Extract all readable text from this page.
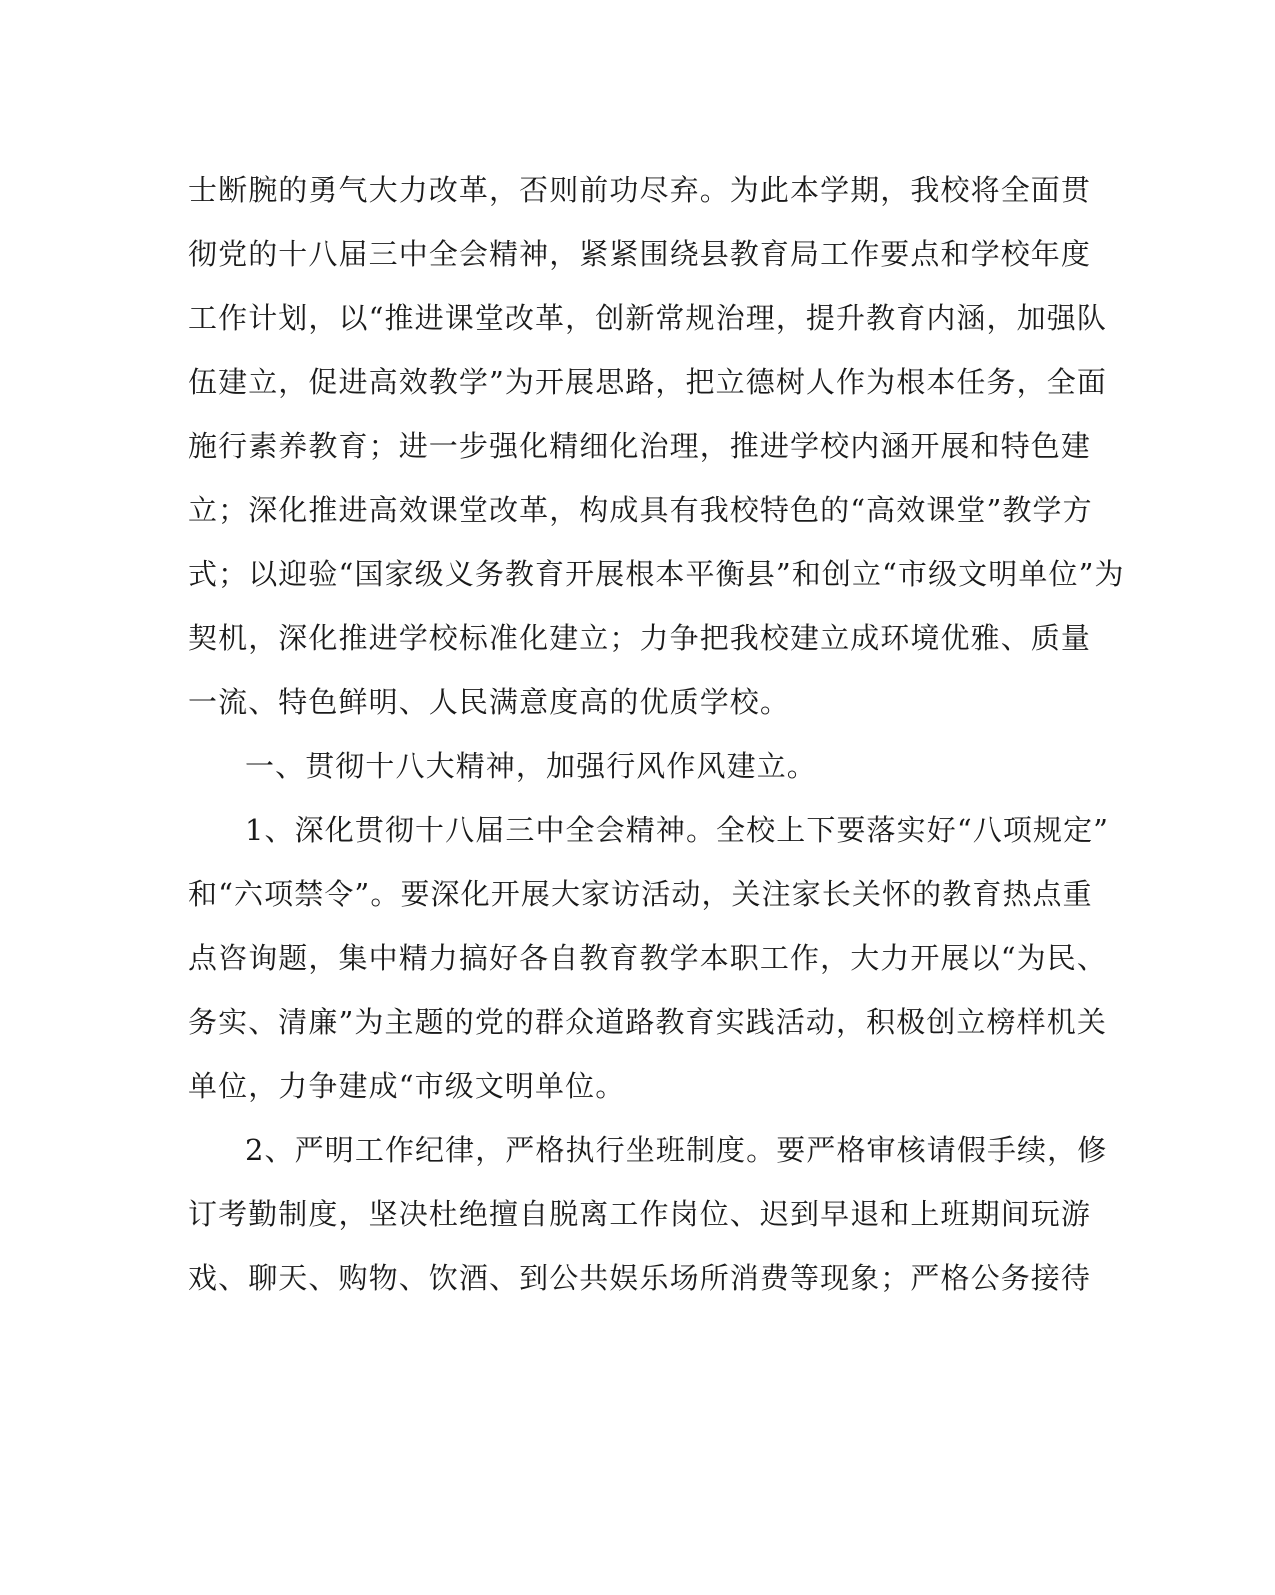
士断腕的勇气大力改革，否则前功尽弃。为此本学期，我校将全面贯
彻党的十八届三中全会精神，紧紧围绕县教育局工作要点和学校年度
工作计划，以“推进课堂改革，创新常规治理，提升教育内涵，加强队
伍建立，促进高效教学”为开展思路，把立德树人作为根本任务，全面
施行素养教育；进一步强化精细化治理，推进学校内涵开展和特色建
立；深化推进高效课堂改革，构成具有我校特色的“高效课堂”教学方
式；以迎验“国家级义务教育开展根本平衡县”和创立“市级文明单位”为
契机，深化推进学校标准化建立；力争把我校建立成环境优雅、质量
一流、特色鲜明、人民满意度高的优质学校。
一、贯彻十八大精神，加强行风作风建立。
1、深化贯彻十八届三中全会精神。全校上下要落实好“八项规定”
和“六项禁令”。要深化开展大家访活动，关注家长关怀的教育热点重
点咨询题，集中精力搞好各自教育教学本职工作，大力开展以“为民、
务实、清廉”为主题的党的群众道路教育实践活动，积极创立榜样机关
单位，力争建成“市级文明单位。
2、严明工作纪律，严格执行坐班制度。要严格审核请假手续，修
订考勤制度，坚决杜绝擅自脱离工作岗位、迟到早退和上班期间玩游
戏、聊天、购物、饮酒、到公共娱乐场所消费等现象；严格公务接待
